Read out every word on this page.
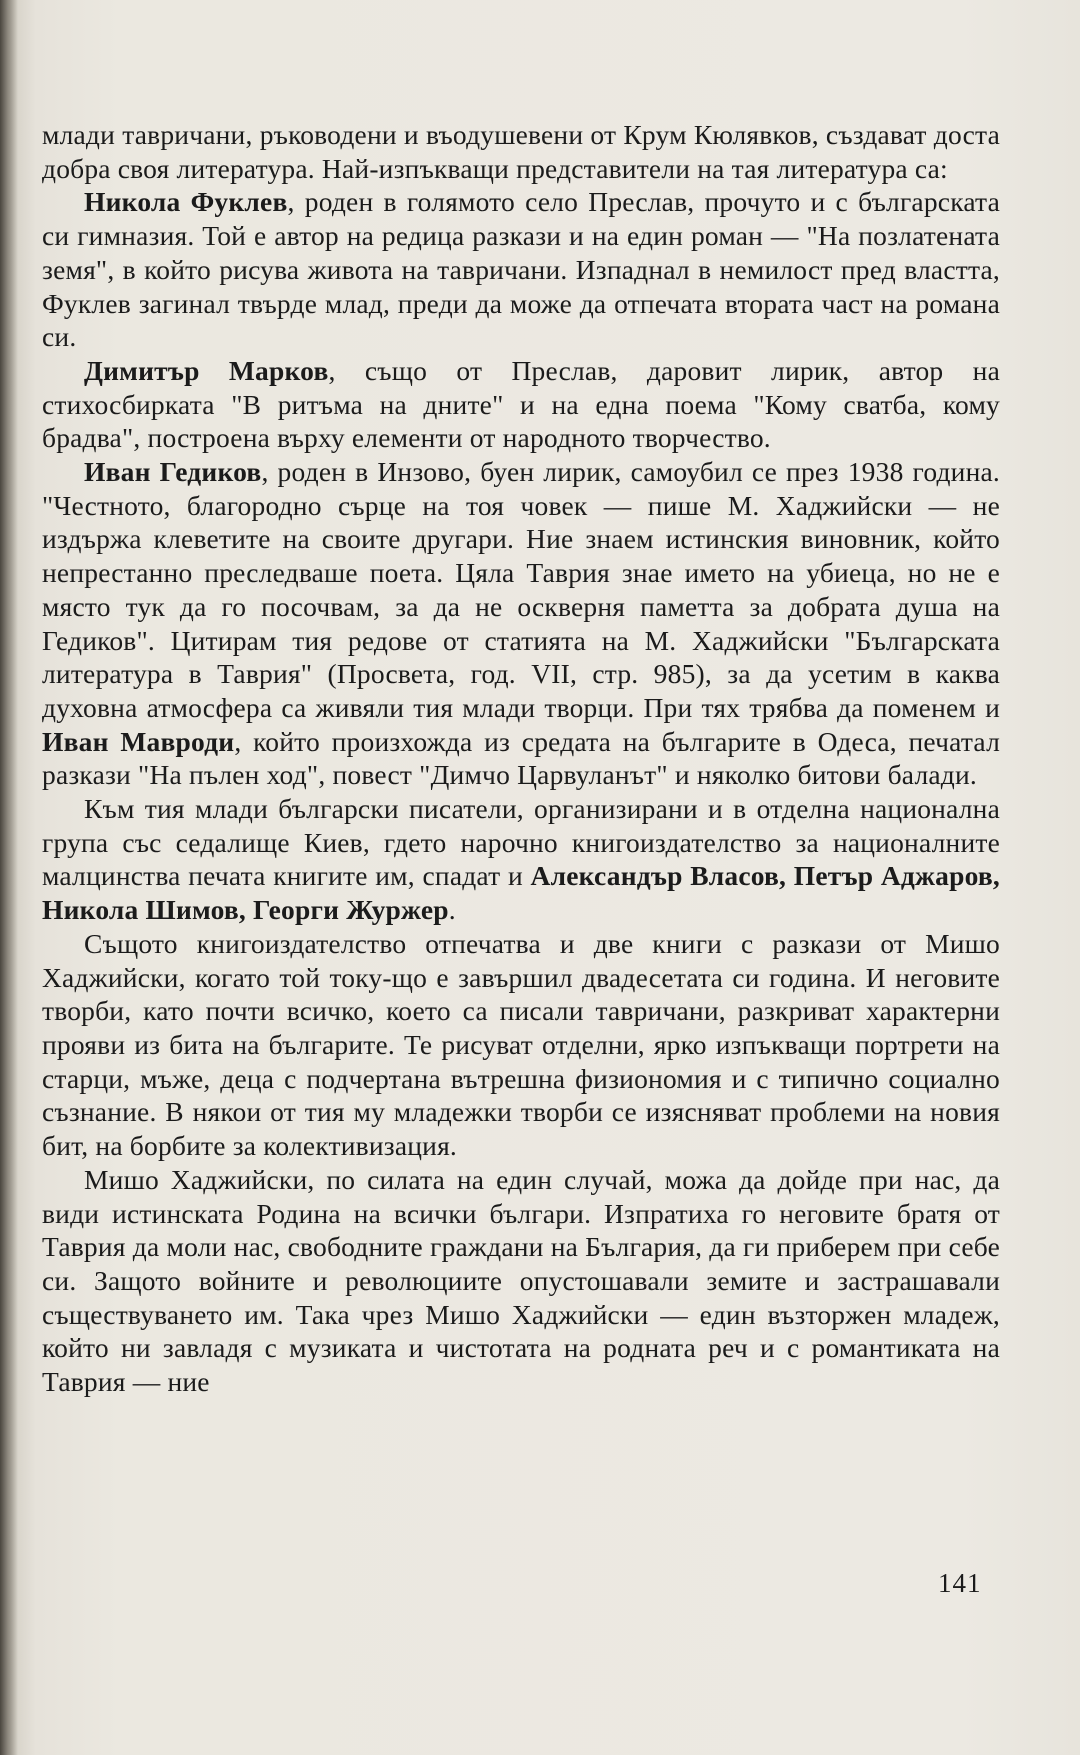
млади тавричани, ръководени и въодушевени от Крум Кюлявков, създават доста добра своя литература. Най-изпъкващи представители на тая литература са:

Никола Фуклев, роден в голямото село Преслав, прочуто и с българската си гимназия. Той е автор на редица разкази и на един роман — "На позлатената земя", в който рисува живота на тавричани. Изпаднал в немилост пред властта, Фуклев загинал твърде млад, преди да може да отпечата втората част на романа си.

Димитър Марков, също от Преслав, даровит лирик, автор на стихосбирката "В ритъма на дните" и на една поема "Кому сватба, кому брадва", построена върху елементи от народното творчество.

Иван Гедиков, роден в Инзово, буен лирик, самоубил се през 1938 година. "Честното, благородно сърце на тоя човек — пише М. Хаджийски — не издържа клеветите на своите другари. Ние знаем истинския виновник, който непрестанно преследваше поета. Цяла Таврия знае името на убиеца, но не е място тук да го посочвам, за да не оскверня паметта за добрата душа на Гедиков". Цитирам тия редове от статията на М. Хаджийски "Българската литература в Таврия" (Просвета, год. VII, стр. 985), за да усетим в каква духовна атмосфера са живяли тия млади творци. При тях трябва да поменем и Иван Мавроди, който произхожда из средата на българите в Одеса, печатал разкази "На пълен ход", повест "Димчо Царвуланът" и няколко битови балади.

Към тия млади български писатели, организирани и в отделна национална група със седалище Киев, гдето нарочно книгоиздателство за националните малцинства печата книгите им, спадат и Александър Власов, Петър Аджаров, Никола Шимов, Георги Журжер.

Същото книгоиздателство отпечатва и две книги с разкази от Мишо Хаджийски, когато той току-що е завършил двадесетата си година. И неговите творби, като почти всичко, което са писали тавричани, разкриват характерни прояви из бита на българите. Те рисуват отделни, ярко изпъкващи портрети на старци, мъже, деца с подчертана вътрешна физиономия и с типично социално съзнание. В някои от тия му младежки творби се изясняват проблеми на новия бит, на борбите за колективизация.

Мишо Хаджийски, по силата на един случай, можа да дойде при нас, да види истинската Родина на всички българи. Изпратиха го неговите братя от Таврия да моли нас, свободните граждани на България, да ги приберем при себе си. Защото войните и революциите опустошавали земите и застрашавали съществуването им. Така чрез Мишо Хаджийски — един възторжен младеж, който ни завладя с музиката и чистотата на родната реч и с романтиката на Таврия — ние

141
